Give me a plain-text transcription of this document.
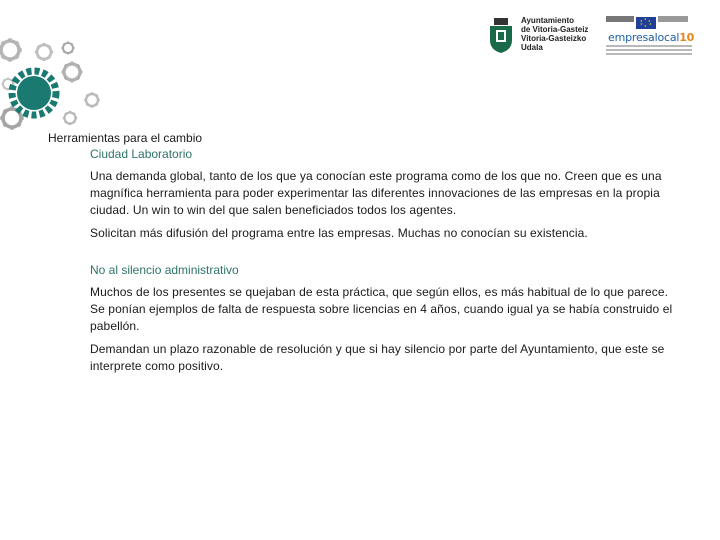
Ayuntamiento
de Vitoria-Gasteiz
Vitoria-Gasteizko
Udala
★ ★
★
★
★
★
empresalocal10
Herramientas para el cambio

Ciudad Laboratorio

Una demanda global, tanto de los que ya conocían este programa como de los que no. Creen que es una magnífica herramienta para poder experimentar las diferentes innovaciones de las empresas en la propia ciudad. Un win to win del que salen beneficiados todos los agentes.

Solicitan más difusión del programa entre las empresas. Muchas no conocían su existencia.

No al silencio administrativo

Muchos de los presentes se quejaban de esta práctica, que según ellos, es más habitual de lo que parece. Se ponían ejemplos de falta de respuesta sobre licencias en 4 años, cuando igual ya se había construido el pabellón.

Demandan un plazo razonable de resolución y que si hay silencio por parte del Ayuntamiento, que este se interprete como positivo.
